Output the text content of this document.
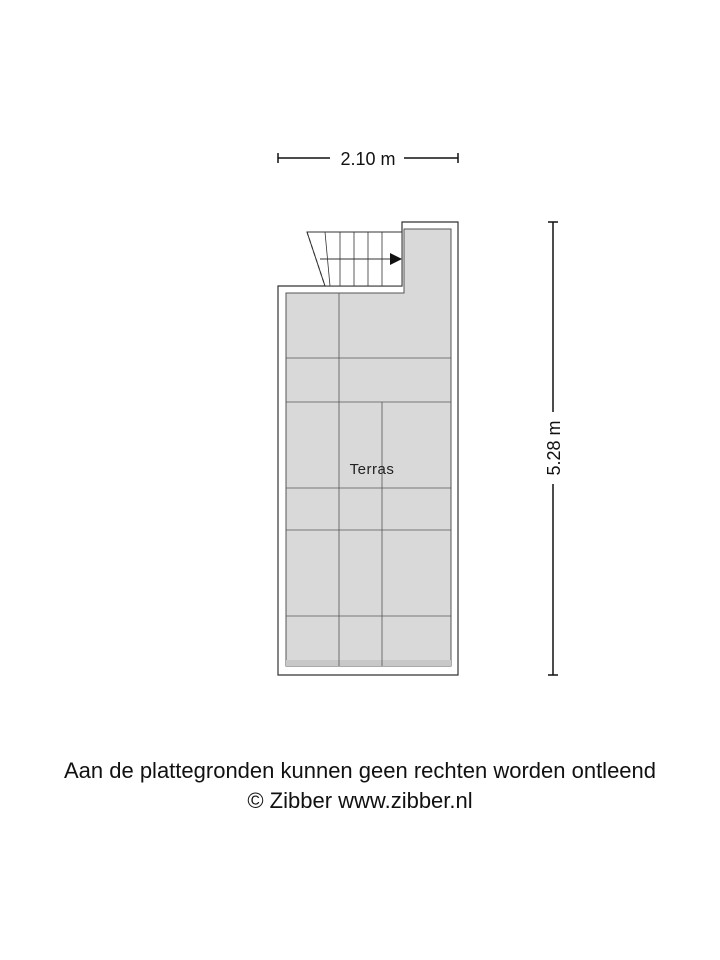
2.10 m
5.28 m
Terras
Aan de plattegronden kunnen geen rechten worden ontleend
© Zibber www.zibber.nl
